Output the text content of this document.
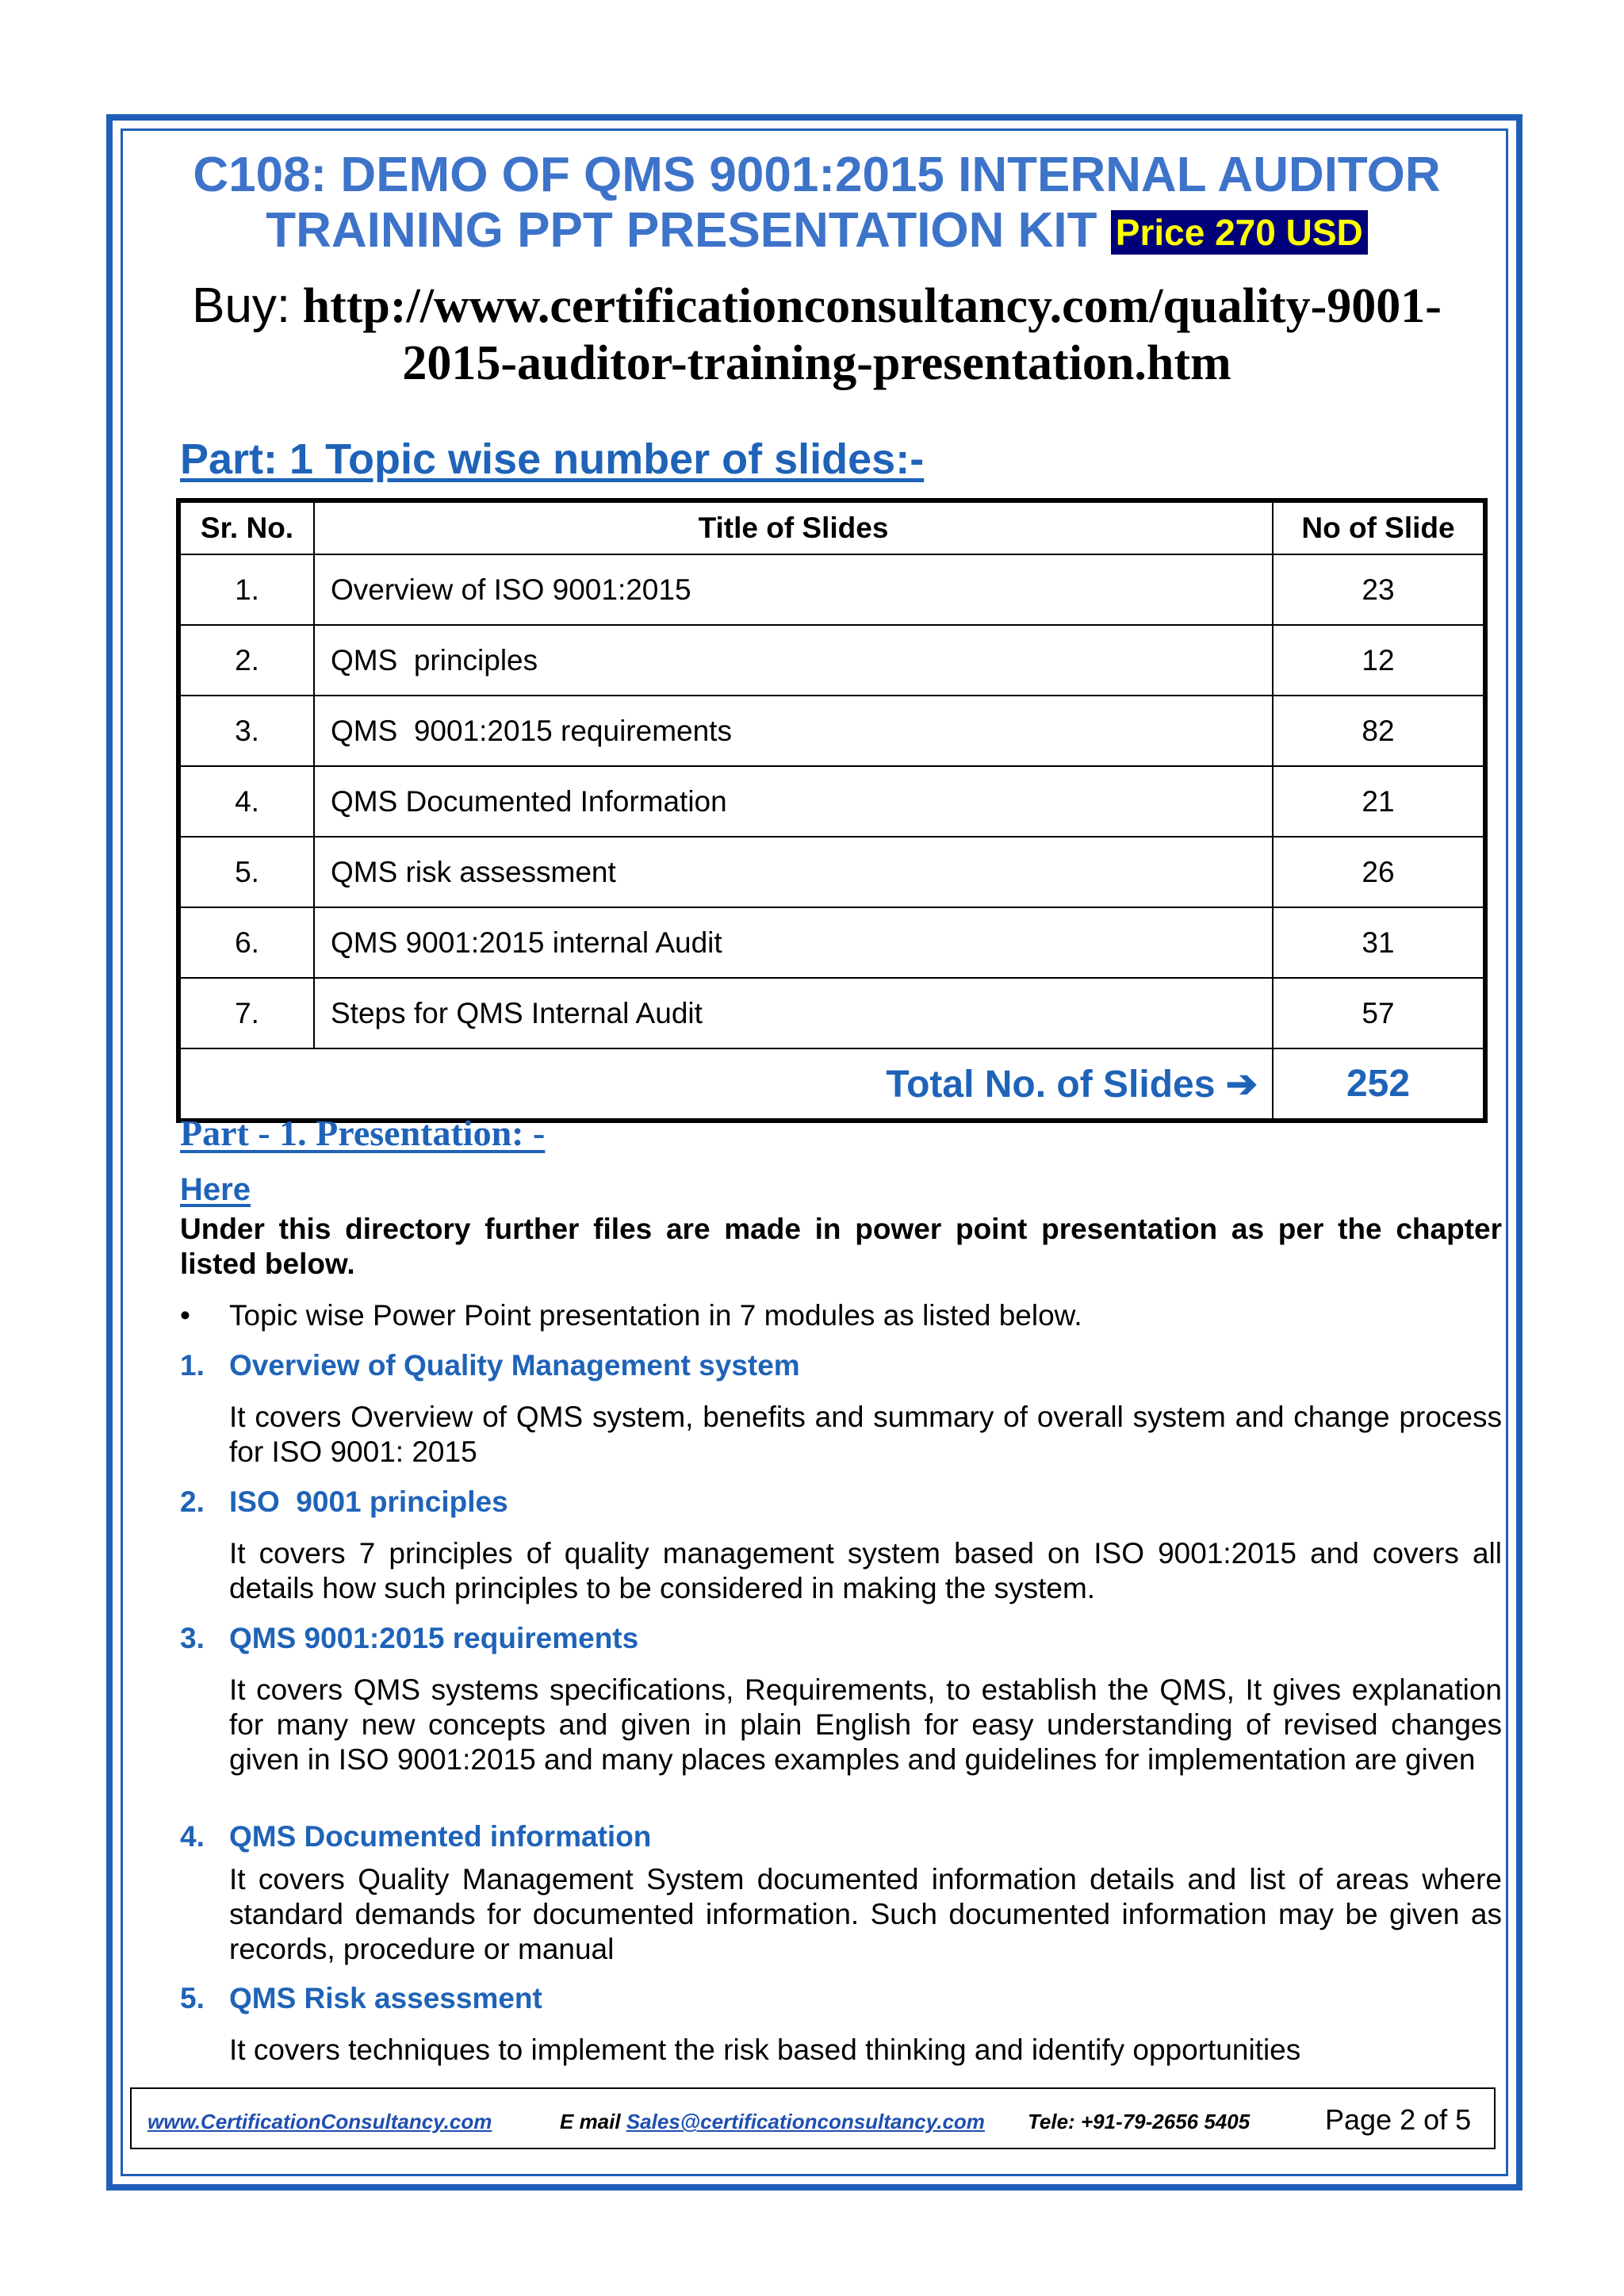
C108: DEMO OF QMS 9001:2015 INTERNAL AUDITOR
TRAINING PPT PRESENTATION KIT Price 270 USD
Buy: http://www.certificationconsultancy.com/quality-9001-
2015-auditor-training-presentation.htm
Part: 1 Topic wise number of slides:-
Sr. No.	Title of Slides	No of Slide
1.	Overview of ISO 9001:2015	23
2.	QMS  principles	12
3.	QMS  9001:2015 requirements	82
4.	QMS Documented Information	21
5.	QMS risk assessment	26
6.	QMS 9001:2015 internal Audit	31
7.	Steps for QMS Internal Audit	57
Total No. of Slides ➔		252
Part - 1. Presentation: -
Here
Under this directory further files are made in power point presentation as per the chapter listed below.
• Topic wise Power Point presentation in 7 modules as listed below.
1. Overview of Quality Management system
It covers Overview of QMS system, benefits and summary of overall system and change process for ISO 9001: 2015
2. ISO  9001 principles
It covers 7 principles of quality management system based on ISO 9001:2015 and covers all details how such principles to be considered in making the system.
3. QMS 9001:2015 requirements
It covers QMS systems specifications, Requirements, to establish the QMS, It gives explanation for many new concepts and given in plain English for easy understanding of revised changes given in ISO 9001:2015 and many places examples and guidelines for implementation are given
4. QMS Documented information
It covers Quality Management System documented information details and list of areas where standard demands for documented information. Such documented information may be given as records, procedure or manual
5. QMS Risk assessment
It covers techniques to implement the risk based thinking and identify opportunities
www.CertificationConsultancy.com	E mail Sales@certificationconsultancy.com Tele: +91-79-2656 5405	Page 2 of 5
